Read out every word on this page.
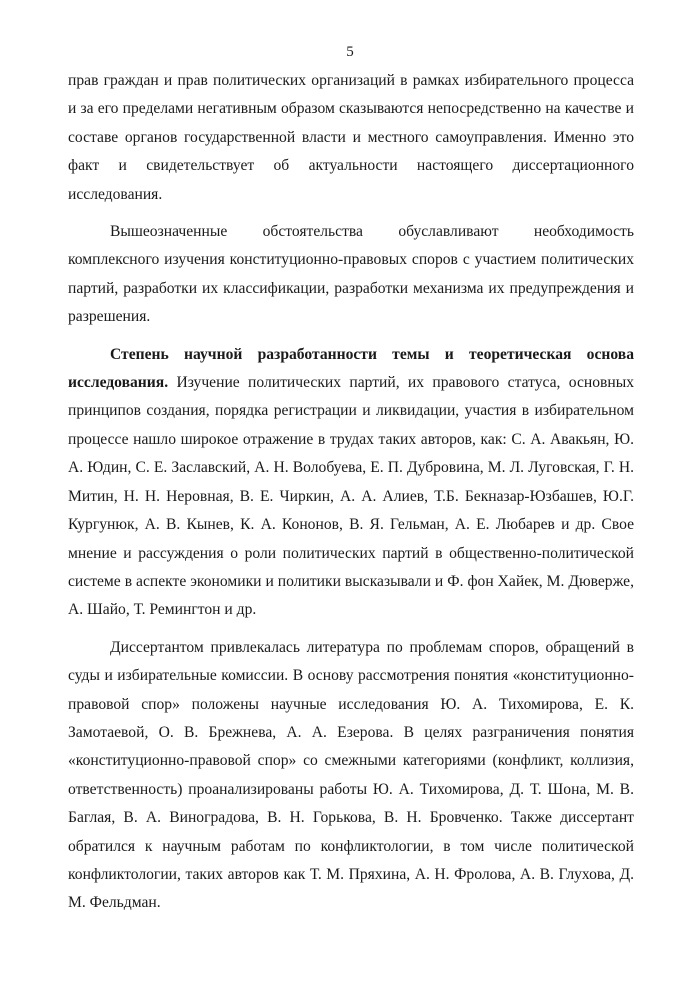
5

прав граждан и прав политических организаций в рамках избирательного процесса и за его пределами негативным образом сказываются непосредственно на качестве и составе органов государственной власти и местного самоуправления. Именно это факт и свидетельствует об актуальности настоящего диссертационного исследования.

Вышеозначенные обстоятельства обуславливают необходимость комплексного изучения конституционно-правовых споров с участием политических партий, разработки их классификации, разработки механизма их предупреждения и разрешения.

Степень научной разработанности темы и теоретическая основа исследования. Изучение политических партий, их правового статуса, основных принципов создания, порядка регистрации и ликвидации, участия в избирательном процессе нашло широкое отражение в трудах таких авторов, как: С. А. Авакьян, Ю. А. Юдин, С. Е. Заславский, А. Н. Волобуева, Е. П. Дубровина, М. Л. Луговская, Г. Н. Митин, Н. Н. Неровная, В. Е. Чиркин, А. А. Алиев, Т.Б. Бекназар-Юзбашев, Ю.Г. Кургунюк, А. В. Кынев, К. А. Кононов, В. Я. Гельман, А. Е. Любарев и др. Свое мнение и рассуждения о роли политических партий в общественно-политической системе в аспекте экономики и политики высказывали и Ф. фон Хайек, М. Дюверже, А. Шайо, Т. Ремингтон и др.

Диссертантом привлекалась литература по проблемам споров, обращений в суды и избирательные комиссии. В основу рассмотрения понятия «конституционно-правовой спор» положены научные исследования Ю. А. Тихомирова, Е. К. Замотаевой, О. В. Брежнева, А. А. Езерова. В целях разграничения понятия «конституционно-правовой спор» со смежными категориями (конфликт, коллизия, ответственность) проанализированы работы Ю. А. Тихомирова, Д. Т. Шона, М. В. Баглая, В. А. Виноградова, В. Н. Горькова, В. Н. Бровченко. Также диссертант обратился к научным работам по конфликтологии, в том числе политической конфликтологии, таких авторов как Т. М. Пряхина, А. Н. Фролова, А. В. Глухова, Д. М. Фельдман.
